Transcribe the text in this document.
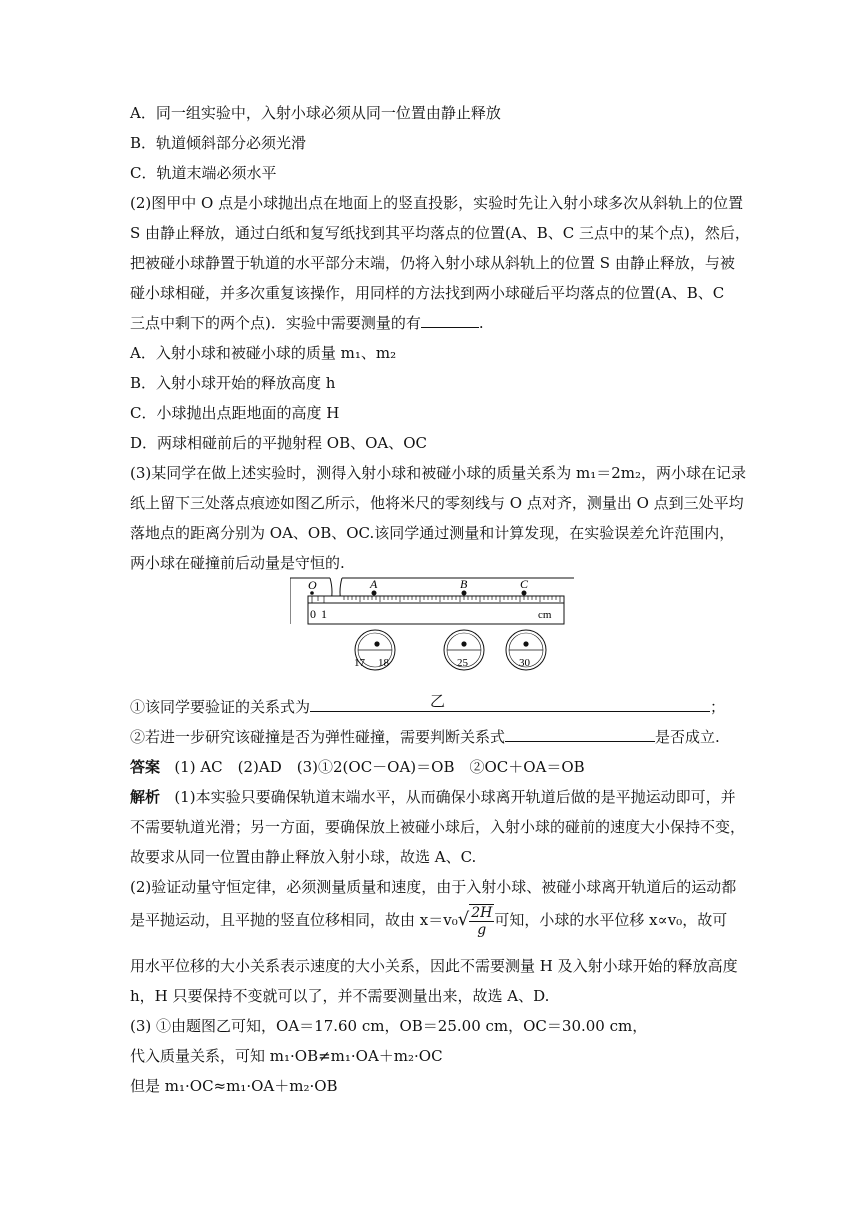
A．同一组实验中，入射小球必须从同一位置由静止释放
B．轨道倾斜部分必须光滑
C．轨道末端必须水平
(2)图甲中 O 点是小球抛出点在地面上的竖直投影，实验时先让入射小球多次从斜轨上的位置
S 由静止释放，通过白纸和复写纸找到其平均落点的位置(A、B、C 三点中的某个点)，然后，
把被碰小球静置于轨道的水平部分末端，仍将入射小球从斜轨上的位置 S 由静止释放，与被
碰小球相碰，并多次重复该操作，用同样的方法找到两小球碰后平均落点的位置(A、B、C
三点中剩下的两个点)．实验中需要测量的有	.
A．入射小球和被碰小球的质量 m₁、m₂
B．入射小球开始的释放高度 h
C．小球抛出点距地面的高度 H
D．两球相碰前后的平抛射程 OB、OA、OC
(3)某同学在做上述实验时，测得入射小球和被碰小球的质量关系为 m₁＝2m₂，两小球在记录
纸上留下三处落点痕迹如图乙所示，他将米尺的零刻线与 O 点对齐，测量出 O 点到三处平均
落地点的距离分别为 OA、OB、OC.该同学通过测量和计算发现，在实验误差允许范围内，
两小球在碰撞前后动量是守恒的.
O	A	B	C
0 1	cm
17 18	25	30
乙
①该同学要验证的关系式为	；
②若进一步研究该碰撞是否为弹性碰撞，需要判断关系式	是否成立.
答案 (1) AC　(2)AD　(3)①2(OC－OA)＝OB　②OC＋OA＝OB
解析 (1)本实验只要确保轨道末端水平，从而确保小球离开轨道后做的是平抛运动即可，并
不需要轨道光滑；另一方面，要确保放上被碰小球后，入射小球的碰前的速度大小保持不变，
故要求从同一位置由静止释放入射小球，故选 A、C.
(2)验证动量守恒定律，必须测量质量和速度，由于入射小球、被碰小球离开轨道后的运动都
是平抛运动，且平抛的竖直位移相同，故由 $x=v_0√ \frac{2H}{g}$ 可知，小球的水平位移 x∝v₀，故可
用水平位移的大小关系表示速度的大小关系，因此不需要测量 H 及入射小球开始的释放高度
h，H 只要保持不变就可以了，并不需要测量出来，故选 A、D.
(3) ①由题图乙可知，OA＝17.60 cm，OB＝25.00 cm，OC＝30.00 cm，
代入质量关系，可知 m₁·OB≠m₁·OA＋m₂·OC
但是 m₁·OC≈m₁·OA＋m₂·OB
